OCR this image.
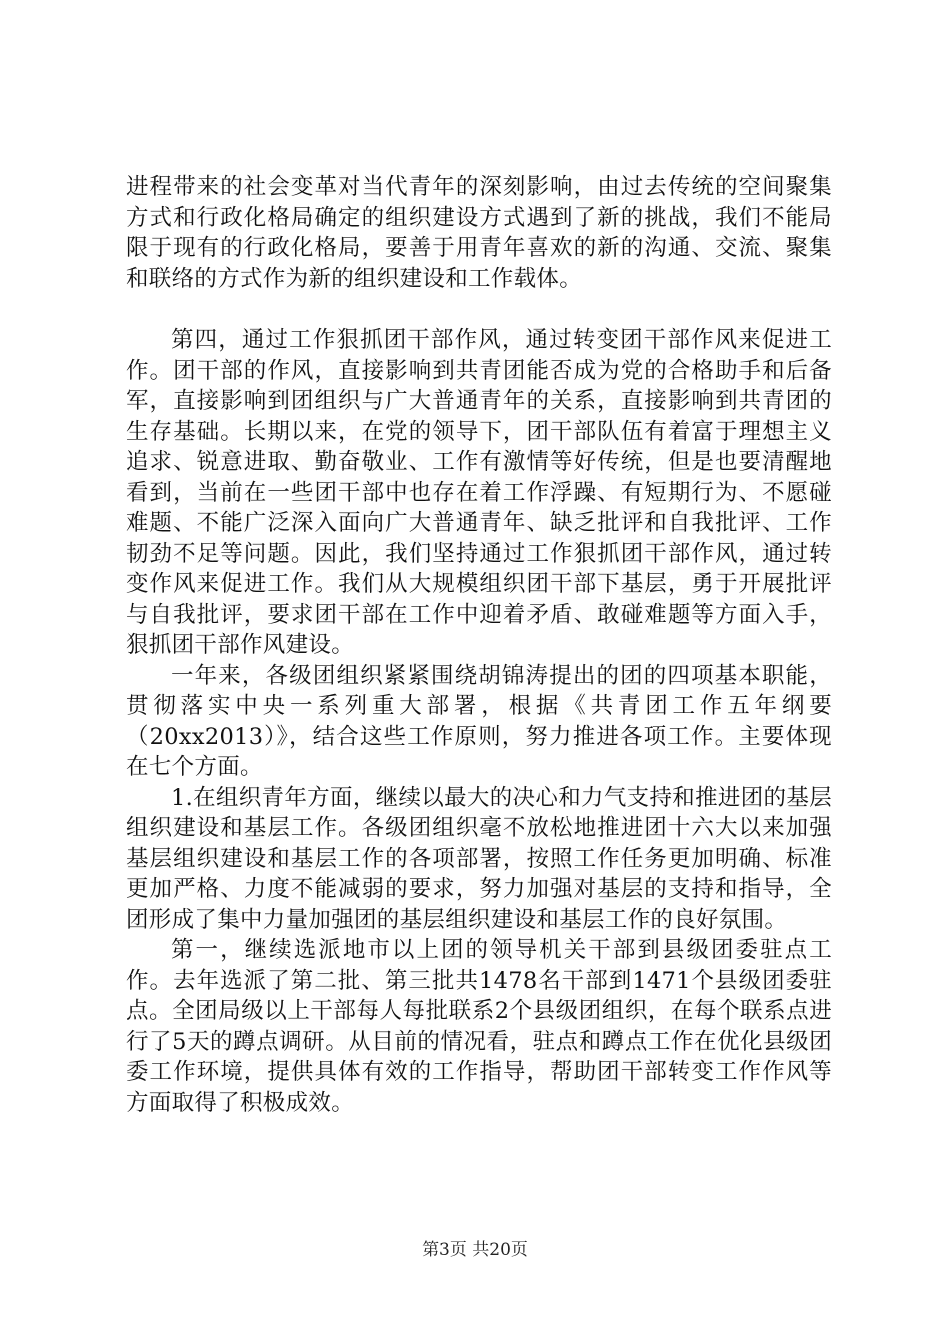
进程带来的社会变革对当代青年的深刻影响，由过去传统的空间聚集方式和行政化格局确定的组织建设方式遇到了新的挑战，我们不能局限于现有的行政化格局，要善于用青年喜欢的新的沟通、交流、聚集和联络的方式作为新的组织建设和工作载体。

第四，通过工作狠抓团干部作风，通过转变团干部作风来促进工作。团干部的作风，直接影响到共青团能否成为党的合格助手和后备军，直接影响到团组织与广大普通青年的关系，直接影响到共青团的生存基础。长期以来，在党的领导下，团干部队伍有着富于理想主义追求、锐意进取、勤奋敬业、工作有激情等好传统，但是也要清醒地看到，当前在一些团干部中也存在着工作浮躁、有短期行为、不愿碰难题、不能广泛深入面向广大普通青年、缺乏批评和自我批评、工作韧劲不足等问题。因此，我们坚持通过工作狠抓团干部作风，通过转变作风来促进工作。我们从大规模组织团干部下基层，勇于开展批评与自我批评，要求团干部在工作中迎着矛盾、敢碰难题等方面入手，狠抓团干部作风建设。

一年来，各级团组织紧紧围绕胡锦涛提出的团的四项基本职能，贯彻落实中央一系列重大部署，根据《共青团工作五年纲要（20xx2013）》，结合这些工作原则，努力推进各项工作。主要体现在七个方面。

1.在组织青年方面，继续以最大的决心和力气支持和推进团的基层组织建设和基层工作。各级团组织毫不放松地推进团十六大以来加强基层组织建设和基层工作的各项部署，按照工作任务更加明确、标准更加严格、力度不能减弱的要求，努力加强对基层的支持和指导，全团形成了集中力量加强团的基层组织建设和基层工作的良好氛围。

第一，继续选派地市以上团的领导机关干部到县级团委驻点工作。去年选派了第二批、第三批共1478名干部到1471个县级团委驻点。全团局级以上干部每人每批联系2个县级团组织，在每个联系点进行了5天的蹲点调研。从目前的情况看，驻点和蹲点工作在优化县级团委工作环境，提供具体有效的工作指导，帮助团干部转变工作作风等方面取得了积极成效。

第3页 共20页
